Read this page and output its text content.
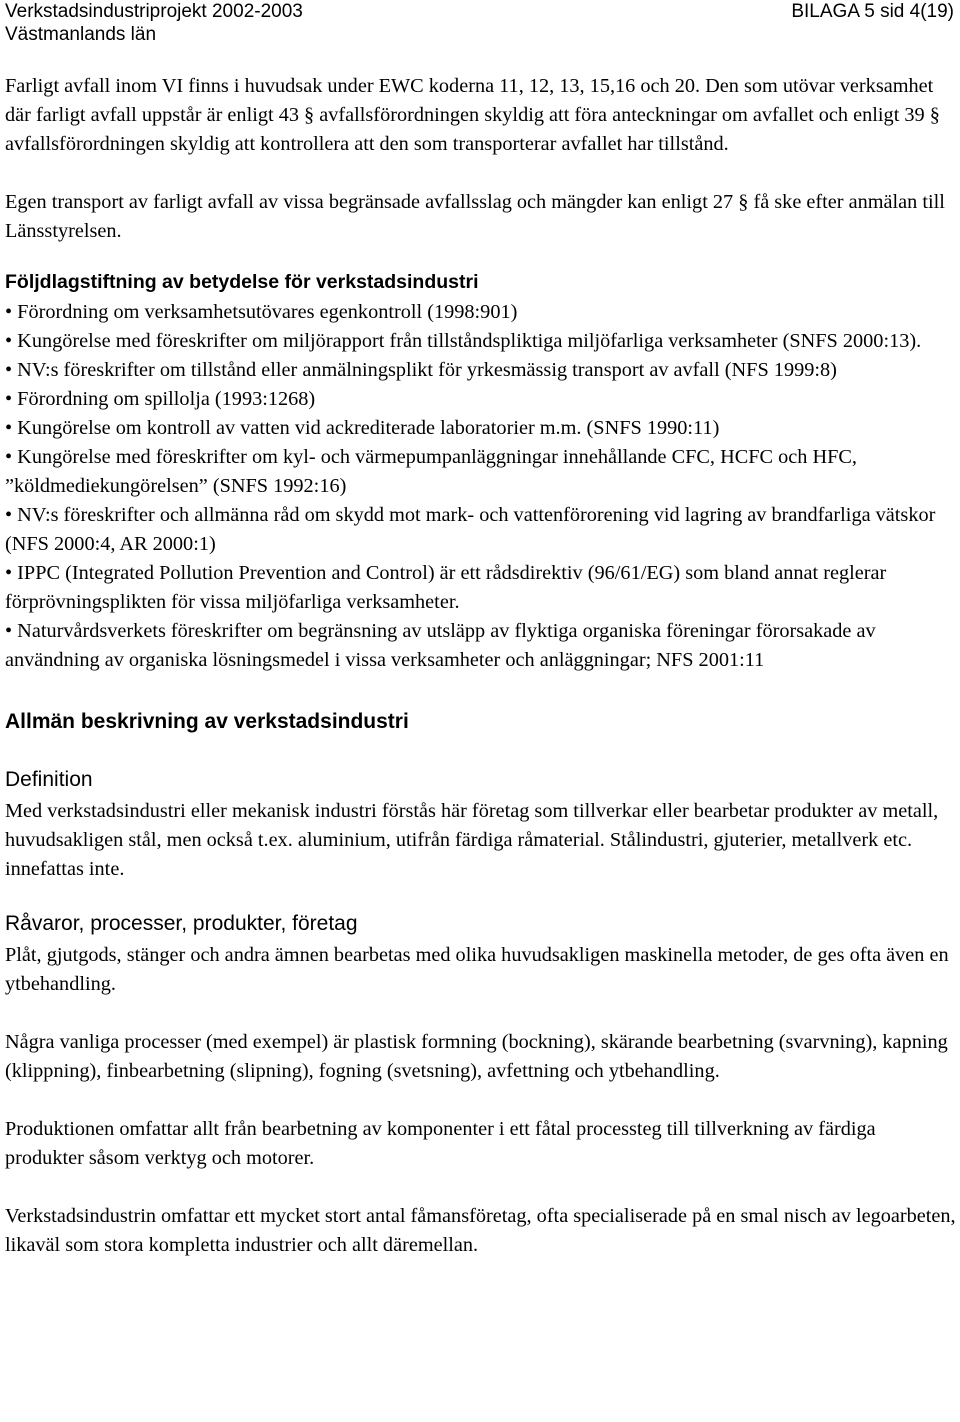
Verkstadsindustriprojekt 2002-2003
Västmanlands län
BILAGA 5 sid 4(19)

Farligt avfall inom VI finns i huvudsak under EWC koderna 11, 12, 13, 15,16 och 20. Den som utövar verksamhet där farligt avfall uppstår är enligt 43 § avfallsförordningen skyldig att föra anteckningar om avfallet och enligt 39 § avfallsförordningen skyldig att kontrollera att den som transporterar avfallet har tillstånd.

Egen transport av farligt avfall av vissa begränsade avfallsslag och mängder kan enligt 27 § få ske efter anmälan till Länsstyrelsen.

Följdlagstiftning av betydelse för verkstadsindustri
• Förordning om verksamhetsutövares egenkontroll (1998:901)
• Kungörelse med föreskrifter om miljörapport från tillståndspliktiga miljöfarliga verksamheter (SNFS 2000:13).
• NV:s föreskrifter om tillstånd eller anmälningsplikt för yrkesmässig transport av avfall (NFS 1999:8)
• Förordning om spillolja (1993:1268)
• Kungörelse om kontroll av vatten vid ackrediterade laboratorier m.m. (SNFS 1990:11)
• Kungörelse med föreskrifter om kyl- och värmepumpanläggningar innehållande CFC, HCFC och HFC, ”köldmediekungörelsen” (SNFS 1992:16)
• NV:s föreskrifter och allmänna råd om skydd mot mark- och vattenförorening vid lagring av brandfarliga vätskor (NFS 2000:4, AR 2000:1)
• IPPC (Integrated Pollution Prevention and Control) är ett rådsdirektiv (96/61/EG) som bland annat reglerar förprövningsplikten för vissa miljöfarliga verksamheter.
• Naturvårdsverkets föreskrifter om begränsning av utsläpp av flyktiga organiska föreningar förorsakade av användning av organiska lösningsmedel i vissa verksamheter och anläggningar; NFS 2001:11
Allmän beskrivning av verkstadsindustri
Definition

Med verkstadsindustri eller mekanisk industri förstås här företag som tillverkar eller bearbetar produkter av metall, huvudsakligen stål, men också t.ex. aluminium, utifrån färdiga råmaterial. Stålindustri, gjuterier, metallverk etc. innefattas inte.

Råvaror, processer, produkter, företag

Plåt, gjutgods, stänger och andra ämnen bearbetas med olika huvudsakligen maskinella metoder, de ges ofta även en ytbehandling.

Några vanliga processer (med exempel) är plastisk formning (bockning), skärande bearbetning (svarvning), kapning (klippning), finbearbetning (slipning), fogning (svetsning), avfettning och ytbehandling.

Produktionen omfattar allt från bearbetning av komponenter i ett fåtal processteg till tillverkning av färdiga produkter såsom verktyg och motorer.

Verkstadsindustrin omfattar ett mycket stort antal fåmansföretag, ofta specialiserade på en smal nisch av legoarbeten, likaväl som stora kompletta industrier och allt däremellan.
